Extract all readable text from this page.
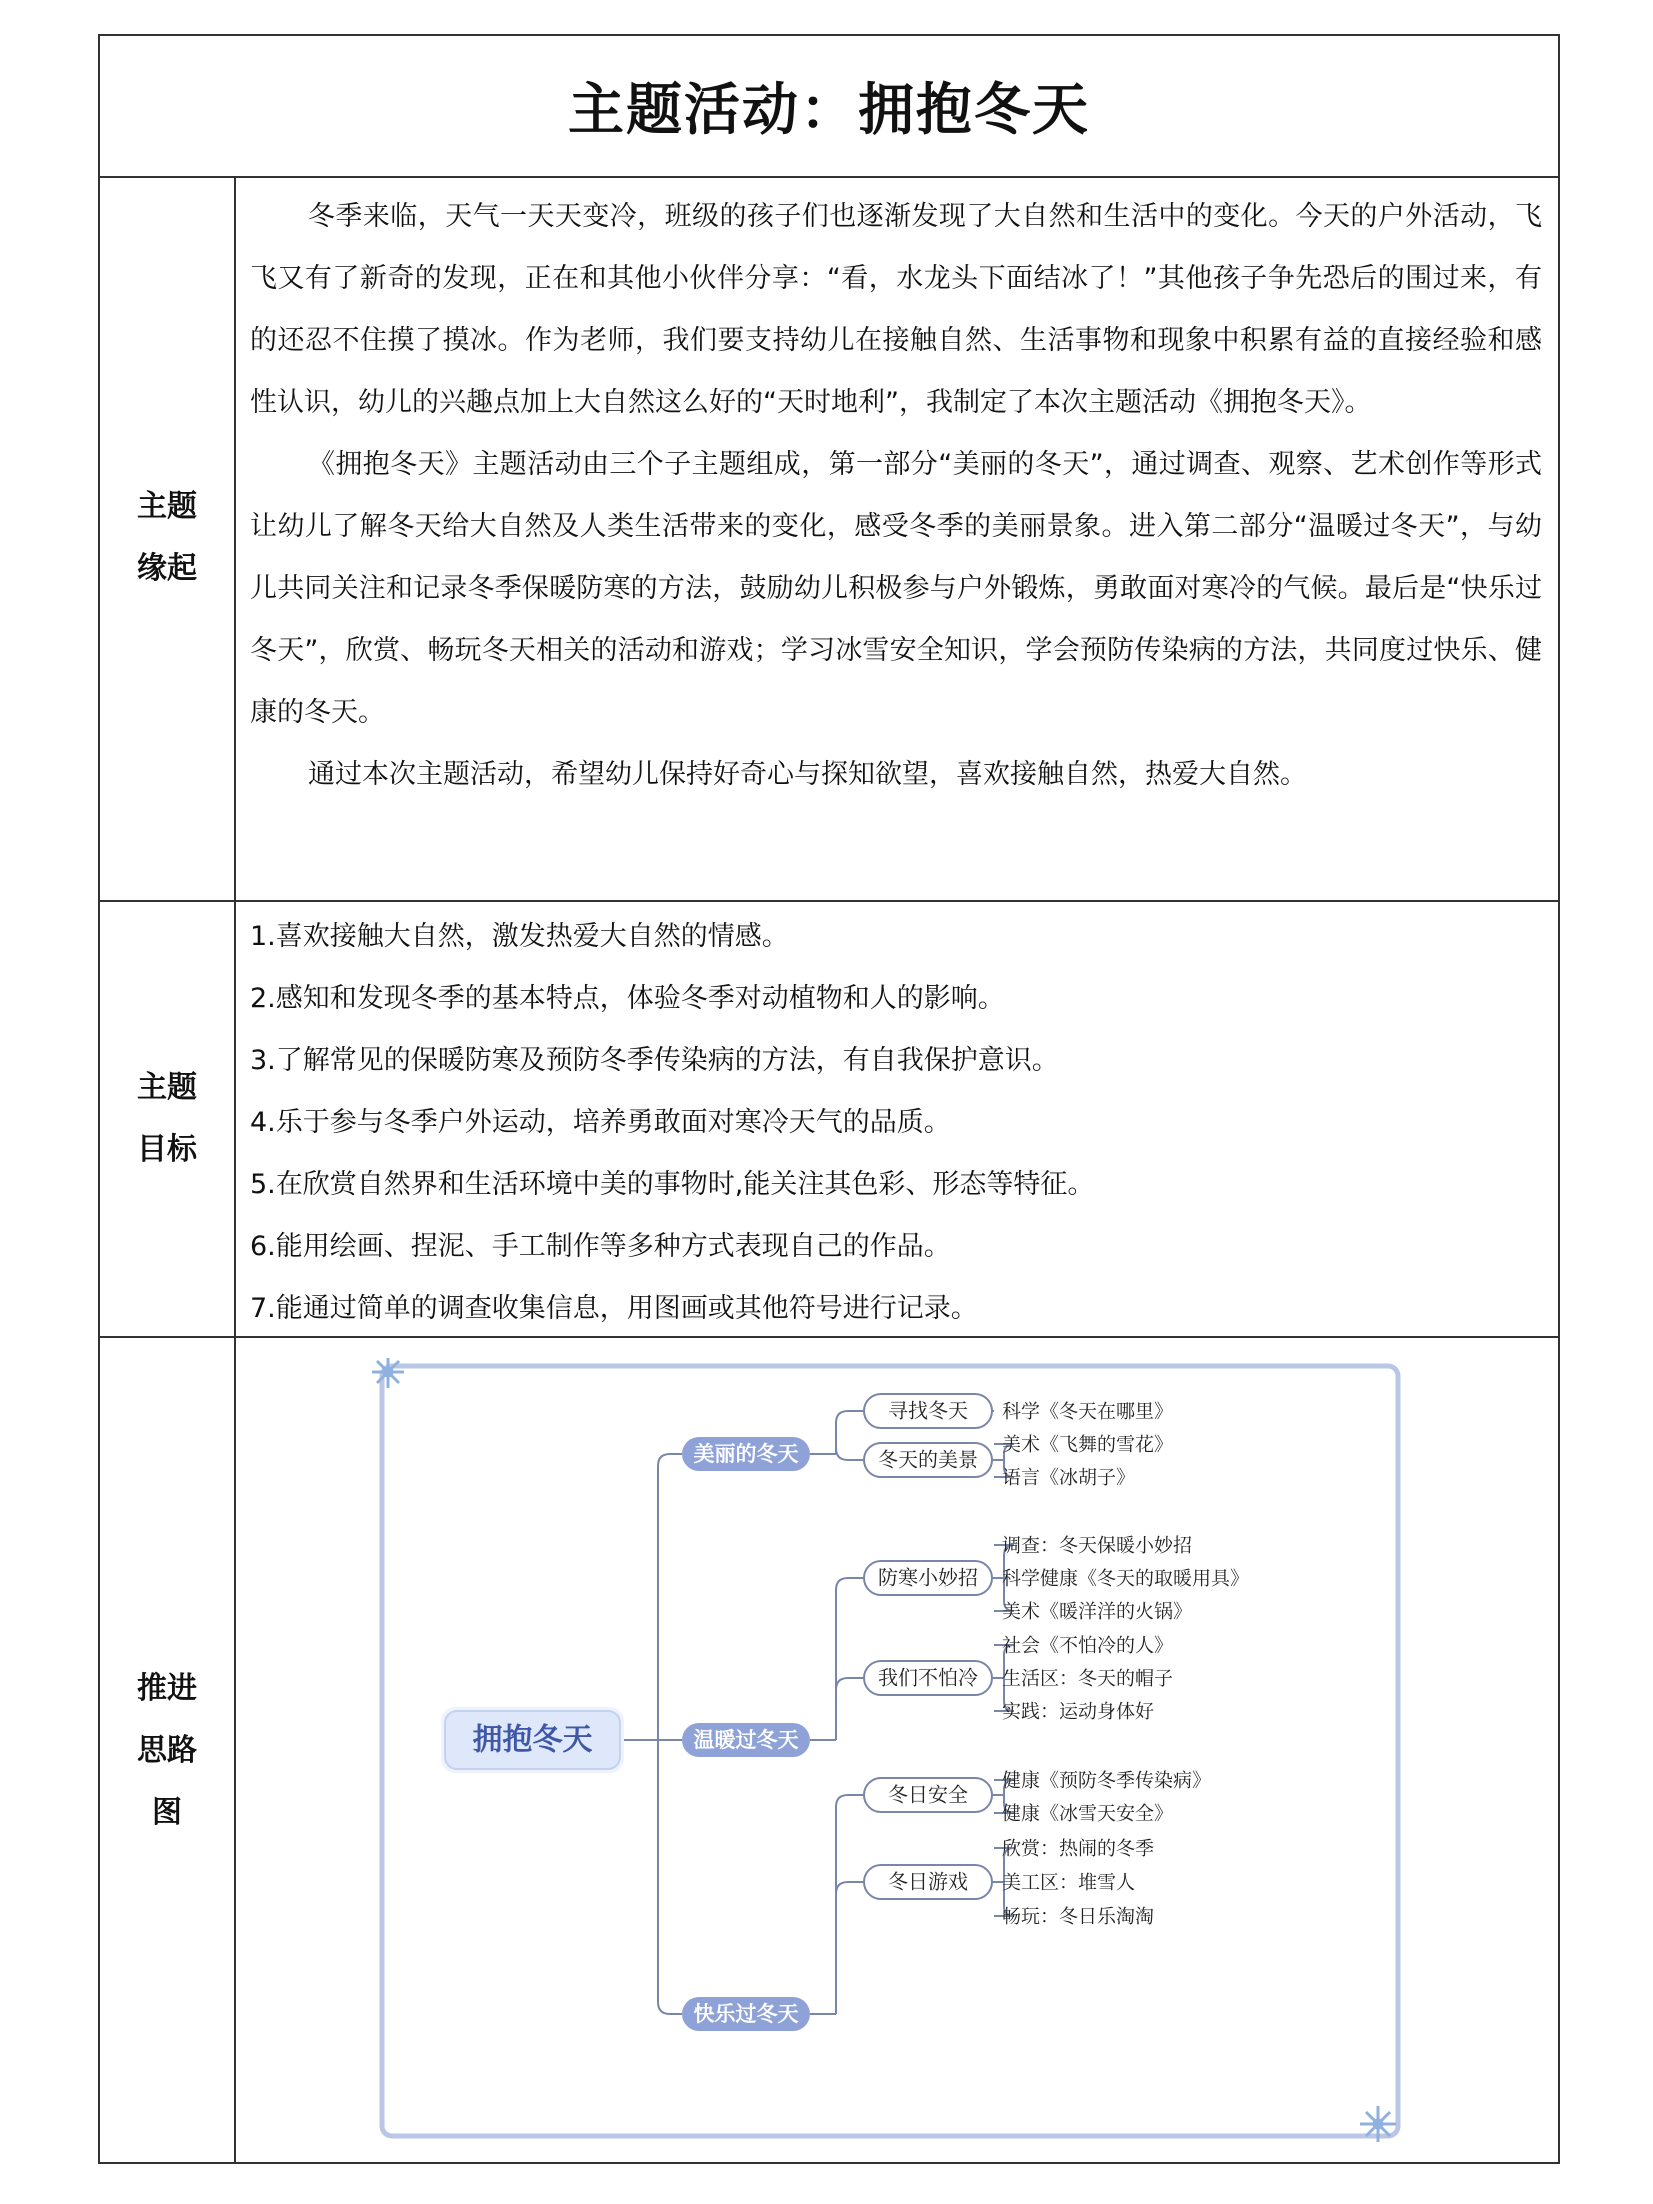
主题活动：拥抱冬天
主题缘起

冬季来临，天气一天天变冷，班级的孩子们也逐渐发现了大自然和生活中的变化。今天的户外活动，飞飞又有了新奇的发现，正在和其他小伙伴分享：“看，水龙头下面结冰了！”其他孩子争先恐后的围过来，有的还忍不住摸了摸冰。作为老师，我们要支持幼儿在接触自然、生活事物和现象中积累有益的直接经验和感性认识，幼儿的兴趣点加上大自然这么好的“天时地利”，我制定了本次主题活动《拥抱冬天》。

《拥抱冬天》主题活动由三个子主题组成，第一部分“美丽的冬天”，通过调查、观察、艺术创作等形式让幼儿了解冬天给大自然及人类生活带来的变化，感受冬季的美丽景象。进入第二部分“温暖过冬天”，与幼儿共同关注和记录冬季保暖防寒的方法，鼓励幼儿积极参与户外锻炼，勇敢面对寒冷的气候。最后是“快乐过冬天”，欣赏、畅玩冬天相关的活动和游戏；学习冰雪安全知识，学会预防传染病的方法，共同度过快乐、健康的冬天。

通过本次主题活动，希望幼儿保持好奇心与探知欲望，喜欢接触自然，热爱大自然。

主题目标

1.喜欢接触大自然，激发热爱大自然的情感。

2.感知和发现冬季的基本特点，体验冬季对动植物和人的影响。

3.了解常见的保暖防寒及预防冬季传染病的方法，有自我保护意识。

4.乐于参与冬季户外运动，培养勇敢面对寒冷天气的品质。

5.在欣赏自然界和生活环境中美的事物时,能关注其色彩、形态等特征。

6.能用绘画、捏泥、手工制作等多种方式表现自己的作品。

7.能通过简单的调查收集信息，用图画或其他符号进行记录。

推进思路图
拥抱冬天
美丽的冬天
寻找冬天 科学《冬天在哪里》
冬天的美景
美术《飞舞的雪花》
语言《冰胡子》
温暖过冬天
防寒小妙招
调查：冬天保暖小妙招
科学健康《冬天的取暖用具》
美术《暖洋洋的火锅》
我们不怕冷
社会《不怕冷的人》
生活区：冬天的帽子
实践：运动身体好
快乐过冬天
冬日安全
健康《预防冬季传染病》
健康《冰雪天安全》
冬日游戏
欣赏：热闹的冬季
美工区：堆雪人
畅玩：冬日乐淘淘
